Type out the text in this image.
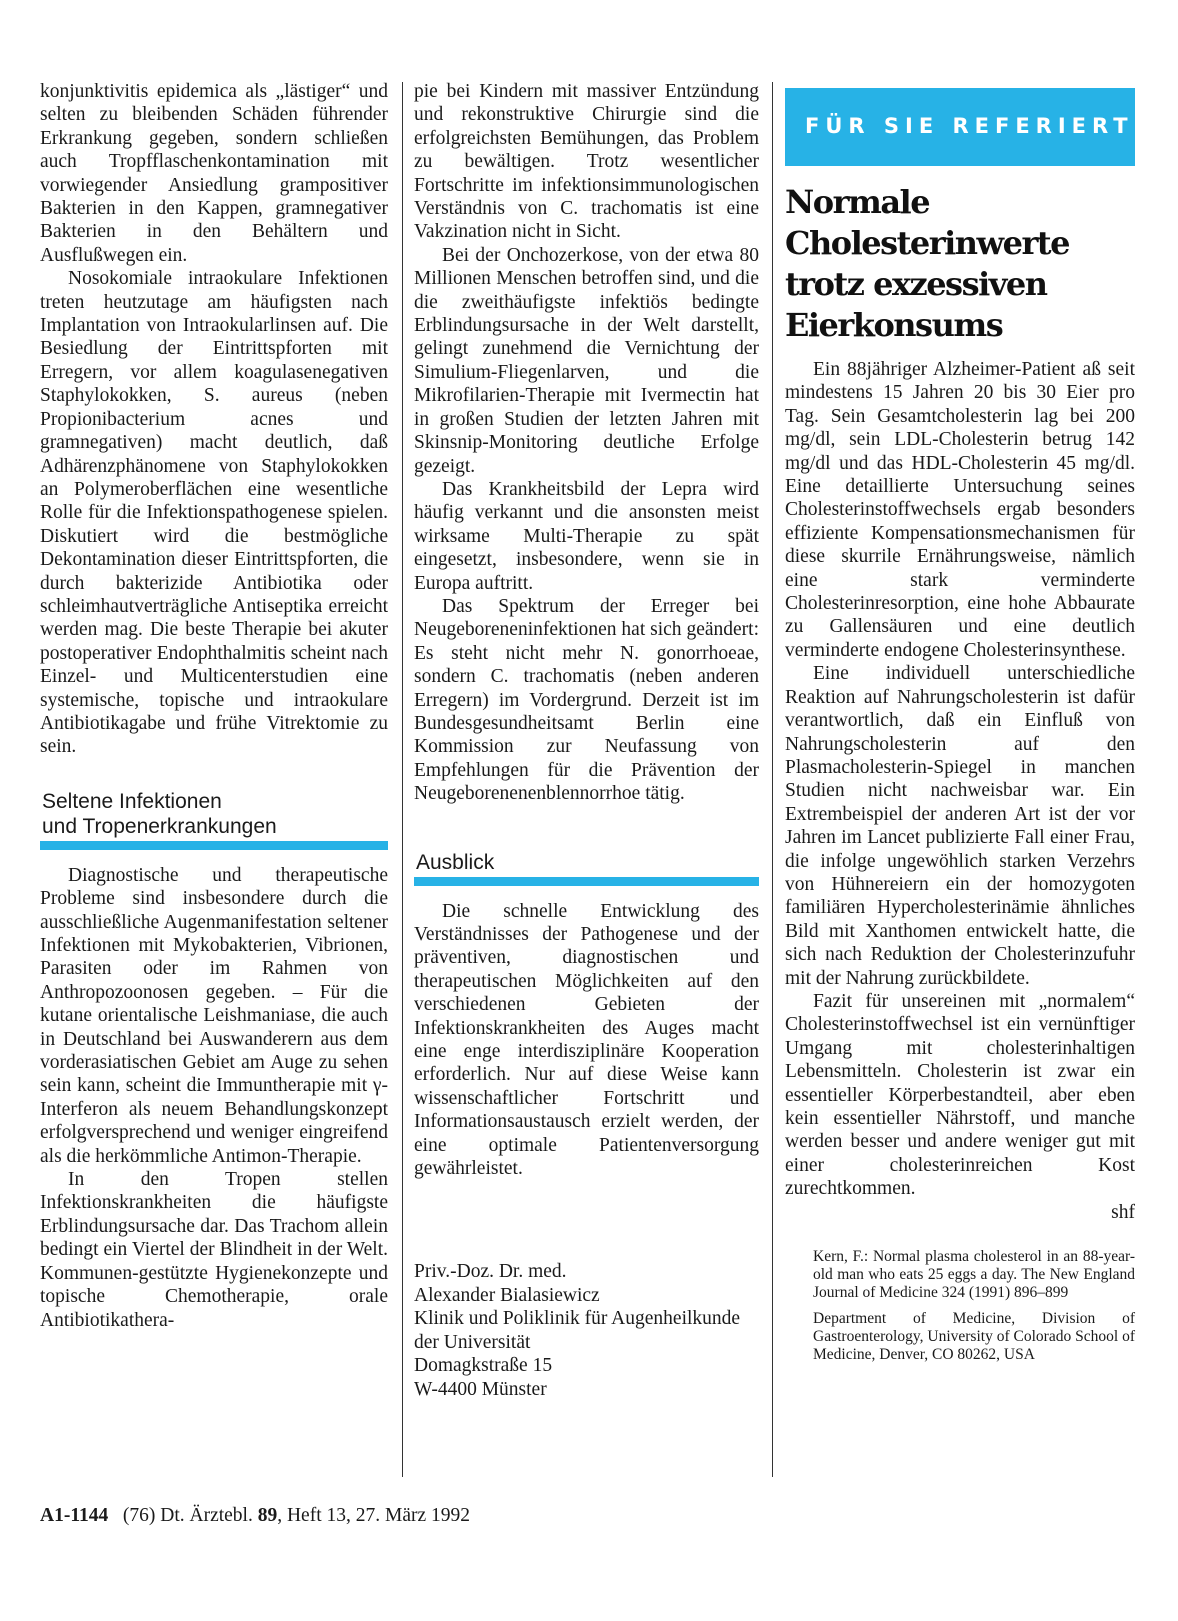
konjunktivitis epidemica als „lästiger“ und selten zu bleibenden Schäden führender Erkrankung gegeben, sondern schließen auch Tropfflaschenkontamination mit vorwiegender Ansiedlung grampositiver Bakterien in den Kappen, gramnegativer Bakterien in den Behältern und Ausflußwegen ein.

Nosokomiale intraokulare Infektionen treten heutzutage am häufigsten nach Implantation von Intraokularlinsen auf. Die Besiedlung der Eintrittspforten mit Erregern, vor allem koagulasenegativen Staphylokokken, S. aureus (neben Propionibacterium acnes und gramnegativen) macht deutlich, daß Adhärenzphänomene von Staphylokokken an Polymeroberflächen eine wesentliche Rolle für die Infektionspathogenese spielen. Diskutiert wird die bestmögliche Dekontamination dieser Eintrittspforten, die durch bakterizide Antibiotika oder schleimhautverträgliche Antiseptika erreicht werden mag. Die beste Therapie bei akuter postoperativer Endophthalmitis scheint nach Einzel- und Multicenterstudien eine systemische, topische und intraokulare Antibiotikagabe und frühe Vitrektomie zu sein.

Seltene Infektionen
und Tropenerkrankungen

Diagnostische und therapeutische Probleme sind insbesondere durch die ausschließliche Augenmanifestation seltener Infektionen mit Mykobakterien, Vibrionen, Parasiten oder im Rahmen von Anthropozoonosen gegeben. – Für die kutane orientalische Leishmaniase, die auch in Deutschland bei Auswanderern aus dem vorderasiatischen Gebiet am Auge zu sehen sein kann, scheint die Immuntherapie mit γ-Interferon als neuem Behandlungskonzept erfolgversprechend und weniger eingreifend als die herkömmliche Antimon-Therapie.

In den Tropen stellen Infektionskrankheiten die häufigste Erblindungsursache dar. Das Trachom allein bedingt ein Viertel der Blindheit in der Welt. Kommunen-gestützte Hygienekonzepte und topische Chemotherapie, orale Antibiotikathera-

pie bei Kindern mit massiver Entzündung und rekonstruktive Chirurgie sind die erfolgreichsten Bemühungen, das Problem zu bewältigen. Trotz wesentlicher Fortschritte im infektionsimmunologischen Verständnis von C. trachomatis ist eine Vakzination nicht in Sicht.

Bei der Onchozerkose, von der etwa 80 Millionen Menschen betroffen sind, und die die zweithäufigste infektiös bedingte Erblindungsursache in der Welt darstellt, gelingt zunehmend die Vernichtung der Simulium-Fliegenlarven, und die Mikrofilarien-Therapie mit Ivermectin hat in großen Studien der letzten Jahren mit Skinsnip-Monitoring deutliche Erfolge gezeigt.

Das Krankheitsbild der Lepra wird häufig verkannt und die ansonsten meist wirksame Multi-Therapie zu spät eingesetzt, insbesondere, wenn sie in Europa auftritt.

Das Spektrum der Erreger bei Neugeboreneninfektionen hat sich geändert: Es steht nicht mehr N. gonorrhoeae, sondern C. trachomatis (neben anderen Erregern) im Vordergrund. Derzeit ist im Bundesgesundheitsamt Berlin eine Kommission zur Neufassung von Empfehlungen für die Prävention der Neugeborenenenblennorrhoe tätig.

Ausblick

Die schnelle Entwicklung des Verständnisses der Pathogenese und der präventiven, diagnostischen und therapeutischen Möglichkeiten auf den verschiedenen Gebieten der Infektionskrankheiten des Auges macht eine enge interdisziplinäre Kooperation erforderlich. Nur auf diese Weise kann wissenschaftlicher Fortschritt und Informationsaustausch erzielt werden, der eine optimale Patientenversorgung gewährleistet.

Priv.-Doz. Dr. med.
Alexander Bialasiewicz
Klinik und Poliklinik für Augenheilkunde der Universität
Domagkstraße 15
W-4400 Münster
FÜR SIE REFERIERT
Normale Cholesterinwerte trotz exzessiven Eierkonsums

Ein 88jähriger Alzheimer-Patient aß seit mindestens 15 Jahren 20 bis 30 Eier pro Tag. Sein Gesamtcholesterin lag bei 200 mg/dl, sein LDL-Cholesterin betrug 142 mg/dl und das HDL-Cholesterin 45 mg/dl. Eine detaillierte Untersuchung seines Cholesterinstoffwechsels ergab besonders effiziente Kompensationsmechanismen für diese skurrile Ernährungsweise, nämlich eine stark verminderte Cholesterinresorption, eine hohe Abbaurate zu Gallensäuren und eine deutlich verminderte endogene Cholesterinsynthese.

Eine individuell unterschiedliche Reaktion auf Nahrungscholesterin ist dafür verantwortlich, daß ein Einfluß von Nahrungscholesterin auf den Plasmacholesterin-Spiegel in manchen Studien nicht nachweisbar war. Ein Extrembeispiel der anderen Art ist der vor Jahren im Lancet publizierte Fall einer Frau, die infolge ungewöhlich starken Verzehrs von Hühnereiern ein der homozygoten familiären Hypercholesterinämie ähnliches Bild mit Xanthomen entwickelt hatte, die sich nach Reduktion der Cholesterinzufuhr mit der Nahrung zurückbildete.

Fazit für unsereinen mit „normalem“ Cholesterinstoffwechsel ist ein vernünftiger Umgang mit cholesterinhaltigen Lebensmitteln. Cholesterin ist zwar ein essentieller Körperbestandteil, aber eben kein essentieller Nährstoff, und manche werden besser und andere weniger gut mit einer cholesterinreichen Kost zurechtkommen.

shf

Kern, F.: Normal plasma cholesterol in an 88-year-old man who eats 25 eggs a day. The New England Journal of Medicine 324 (1991) 896–899

Department of Medicine, Division of Gastroenterology, University of Colorado School of Medicine, Denver, CO 80262, USA

A1-1144 (76) Dt. Ärztebl. 89, Heft 13, 27. März 1992
